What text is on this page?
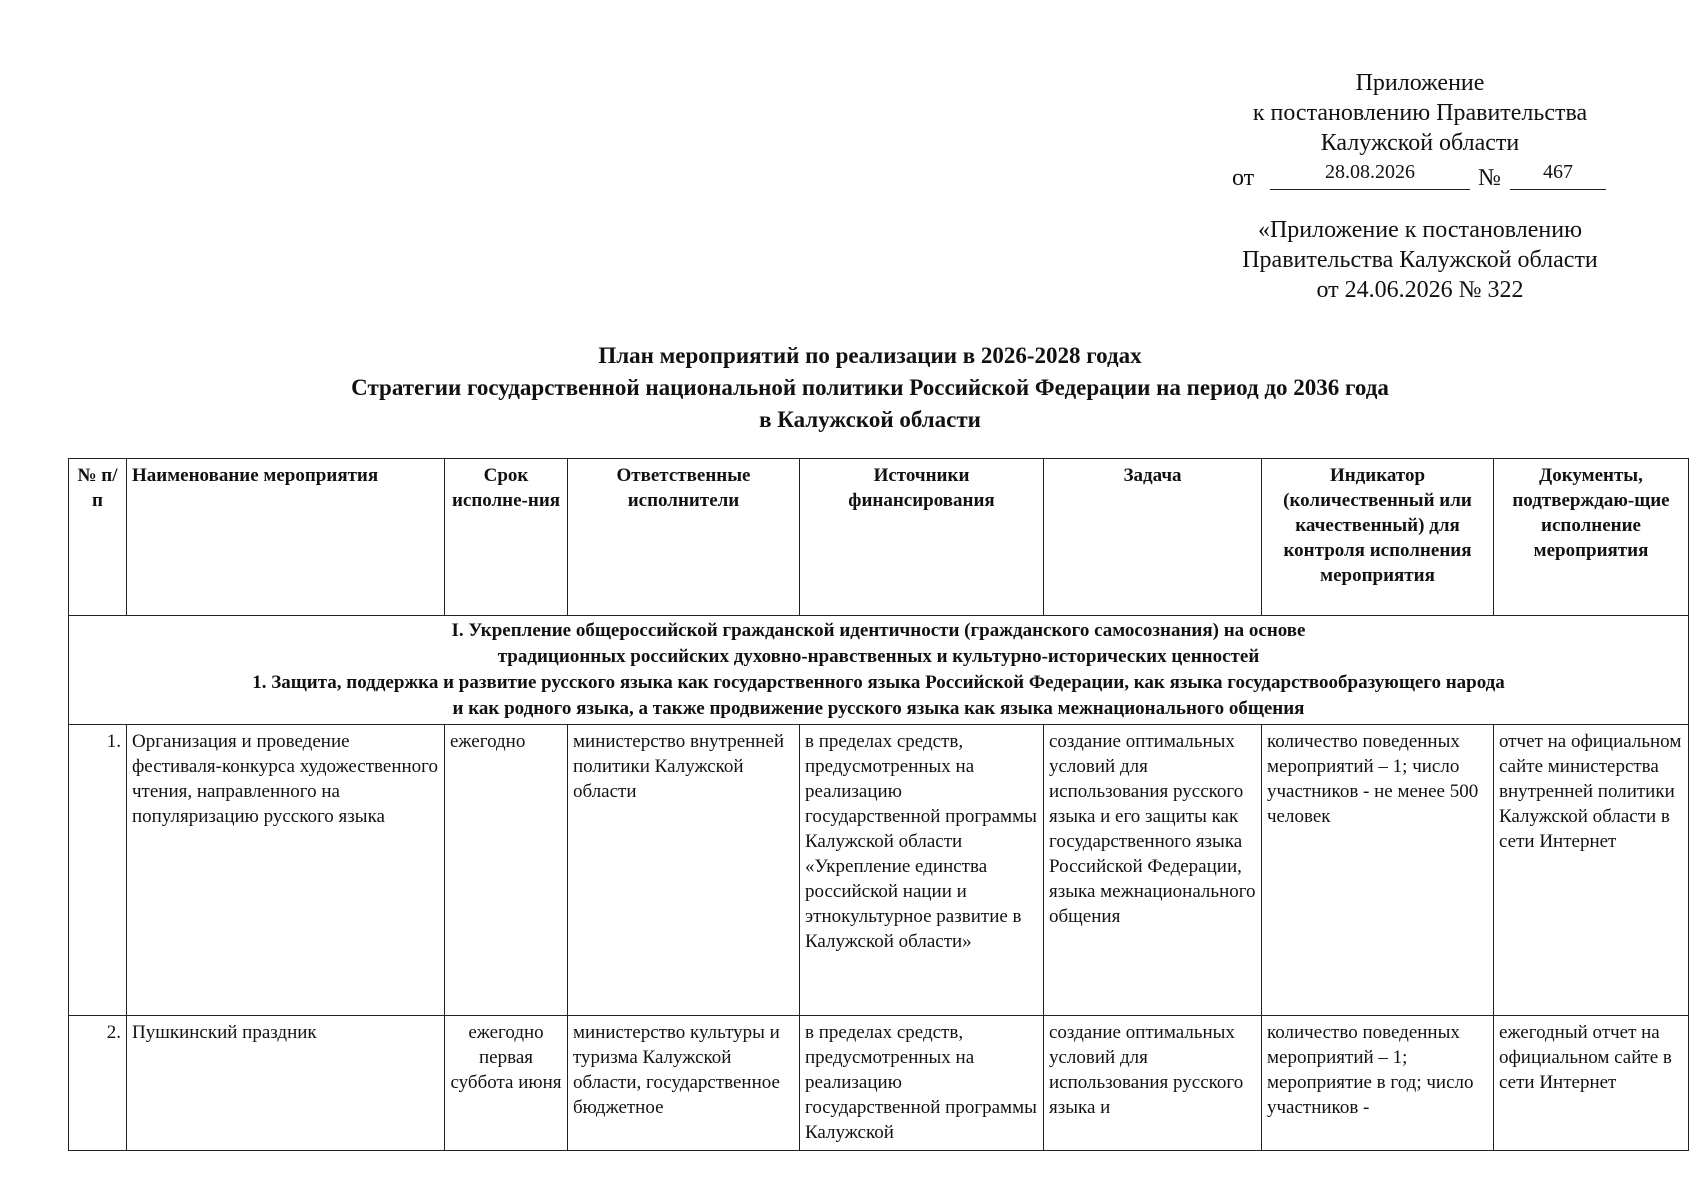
Приложение
к постановлению Правительства
Калужской области
от	28.08.2026	№	467
«Приложение к постановлению
Правительства Калужской области
от 24.06.2026 № 322
План мероприятий по реализации в 2026-2028 годах
Стратегии государственной национальной политики Российской Федерации на период до 2036 года
в Калужской области
№ п/п	Наименование мероприятия	Срок исполне-ния	Ответственные исполнители	Источники финансирования	Задача	Индикатор (количественный или качественный) для контроля исполнения мероприятия	Документы, подтверждаю-щие исполнение мероприятия

I. Укрепление общероссийской гражданской идентичности (гражданского самосознания) на основе
традиционных российских духовно-нравственных и культурно-исторических ценностей
1. Защита, поддержка и развитие русского языка как государственного языка Российской Федерации, как языка государствообразующего народа
и как родного языка, а также продвижение русского языка как языка межнационального общения							

1.	Организация и проведение фестиваля-конкурса художественного чтения, направленного на популяризацию русского языка	ежегодно	министерство внутренней политики Калужской области	в пределах средств, предусмотренных на реализацию государственной программы Калужской области «Укрепление единства российской нации и этнокультурное развитие в Калужской области»	создание оптимальных условий для использования русского языка и его защиты как государственного языка Российской Федерации, языка межнационального общения	количество поведенных мероприятий – 1; число участников - не менее 500 человек	отчет на официальном сайте министерства внутренней политики Калужской области в сети Интернет
2.	Пушкинский праздник	ежегодно первая суббота июня	министерство культуры и туризма Калужской области, государственное бюджетное	в пределах средств, предусмотренных на реализацию государственной программы Калужской	создание оптимальных условий для использования русского языка и	количество поведенных мероприятий – 1; мероприятие в год; число участников -	ежегодный отчет на официальном сайте в сети Интернет
